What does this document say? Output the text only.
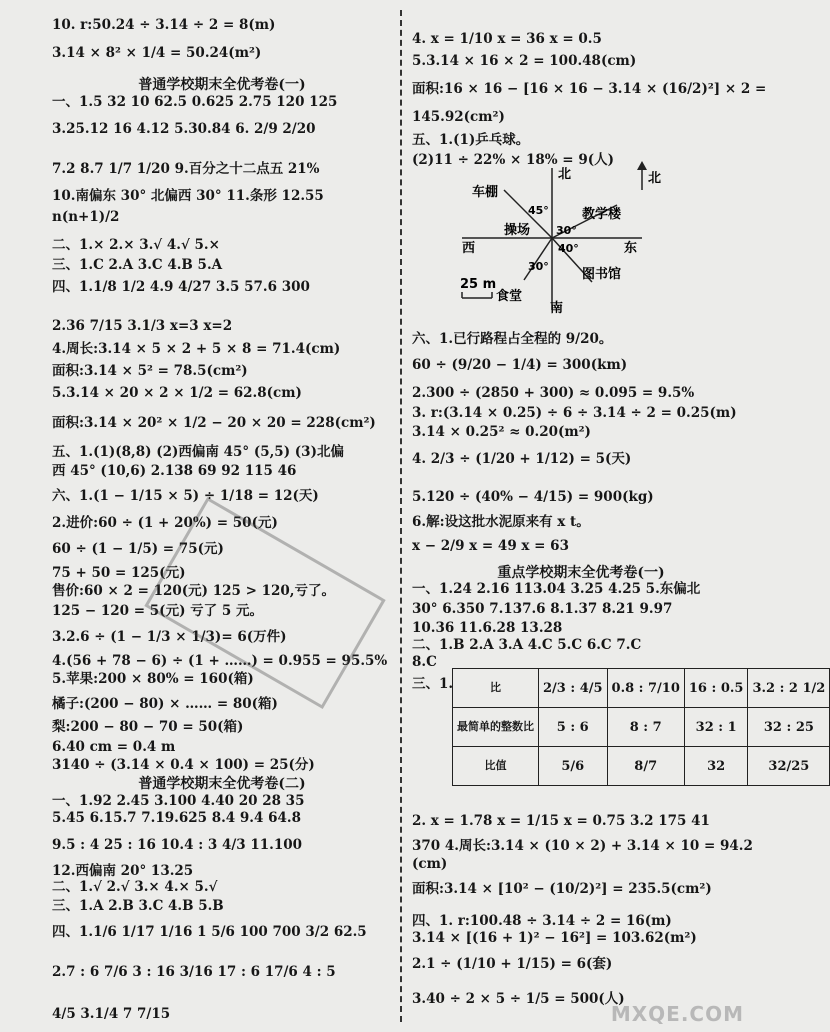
10. r:50.24 ÷ 3.14 ÷ 2 = 8(m)
3.14 × 8² × 1/4 = 50.24(m²)
普通学校期末全优考卷(一)
一、1.5 32 10 62.5 0.625 2.75 120 125
3.25.12 16 4.12 5.30.84 6. 2/9 2/20
7.2 8.7 1/7 1/20 9.百分之十二点五 21%
10.南偏东 30° 北偏西 30° 11.条形 12.55
n(n+1)/2
二、1.× 2.× 3.√ 4.√ 5.×
三、1.C 2.A 3.C 4.B 5.A
四、1.1/8 1/2 4.9 4/27 3.5 57.6 300
2.36 7/15 3.1/3 x=3 x=2
4.周长:3.14 × 5 × 2 + 5 × 8 = 71.4(cm)
面积:3.14 × 5² = 78.5(cm²)
5.3.14 × 20 × 2 × 1/2 = 62.8(cm)
面积:3.14 × 20² × 1/2 − 20 × 20 = 228(cm²)
五、1.(1)(8,8) (2)西偏南 45° (5,5) (3)北偏
西 45° (10,6) 2.138 69 92 115 46
六、1.(1 − 1/15 × 5) ÷ 1/18 = 12(天)
2.进价:60 ÷ (1 + 20%) = 50(元)
60 ÷ (1 − 1/5) = 75(元)
75 + 50 = 125(元)
售价:60 × 2 = 120(元) 125 > 120,亏了。
125 − 120 = 5(元) 亏了 5 元。
3.2.6 ÷ (1 − 1/3 × 1/3)= 6(万件)
4.(56 + 78 − 6) ÷ (1 + ……) = 0.955 = 95.5%
5.苹果:200 × 80% = 160(箱)
橘子:(200 − 80) × …… = 80(箱)
梨:200 − 80 − 70 = 50(箱)
6.40 cm = 0.4 m
3140 ÷ (3.14 × 0.4 × 100) = 25(分)
普通学校期末全优考卷(二)
一、1.92 2.45 3.100 4.40 20 28 35
5.45 6.15.7 7.19.625 8.4 9.4 64.8
9.5 : 4 25 : 16 10.4 : 3 4/3 11.100
12.西偏南 20° 13.25
二、1.√ 2.√ 3.× 4.× 5.√
三、1.A 2.B 3.C 4.B 5.B
四、1.1/6 1/17 1/16 1 5/6 100 700 3/2 62.5
2.7 : 6 7/6 3 : 16 3/16 17 : 6 17/6 4 : 5
4/5 3.1/4 7 7/15
4. x = 1/10 x = 36 x = 0.5
5.3.14 × 16 × 2 = 100.48(cm)
面积:16 × 16 − [16 × 16 − 3.14 × (16/2)²] × 2 =
145.92(cm²)
五、1.(1)乒乓球。
(2)11 ÷ 22% × 18% = 9(人)
北	北
车棚
教学楼
西
操场
东
图书馆
食堂
南
25 m
45°
30°
40°
30°
六、1.已行路程占全程的 9/20。
60 ÷ (9/20 − 1/4) = 300(km)
2.300 ÷ (2850 + 300) ≈ 0.095 = 9.5%
3. r:(3.14 × 0.25) ÷ 6 ÷ 3.14 ÷ 2 = 0.25(m)
3.14 × 0.25² ≈ 0.20(m²)
4. 2/3 ÷ (1/20 + 1/12) = 5(天)
5.120 ÷ (40% − 4/15) = 900(kg)
6.解:设这批水泥原来有 x t。
x − 2/9 x = 49 x = 63
重点学校期末全优考卷(一)
一、1.24 2.16 113.04 3.25 4.25 5.东偏北
30° 6.350 7.137.6 8.1.37 8.21 9.97
10.36 11.6.28 13.28
二、1.B 2.A 3.A 4.C 5.C 6.C 7.C
8.C
三、1.	比	2/3 : 4/5	0.8 : 7/10	16 : 0.5	3.2 : 2 1/2
最简单的整数比	5 : 6	8 : 7	32 : 1	32 : 25
比值	5/6	8/7	32	32/25
2. x = 1.78 x = 1/15 x = 0.75 3.2 175 41
370 4.周长:3.14 × (10 × 2) + 3.14 × 10 = 94.2
(cm)
面积:3.14 × [10² − (10/2)²] = 235.5(cm²)
四、1. r:100.48 ÷ 3.14 ÷ 2 = 16(m)
3.14 × [(16 + 1)² − 16²] = 103.62(m²)
2.1 ÷ (1/10 + 1/15) = 6(套)
3.40 ÷ 2 × 5 ÷ 1/5 = 500(人)
MXQE.COM
